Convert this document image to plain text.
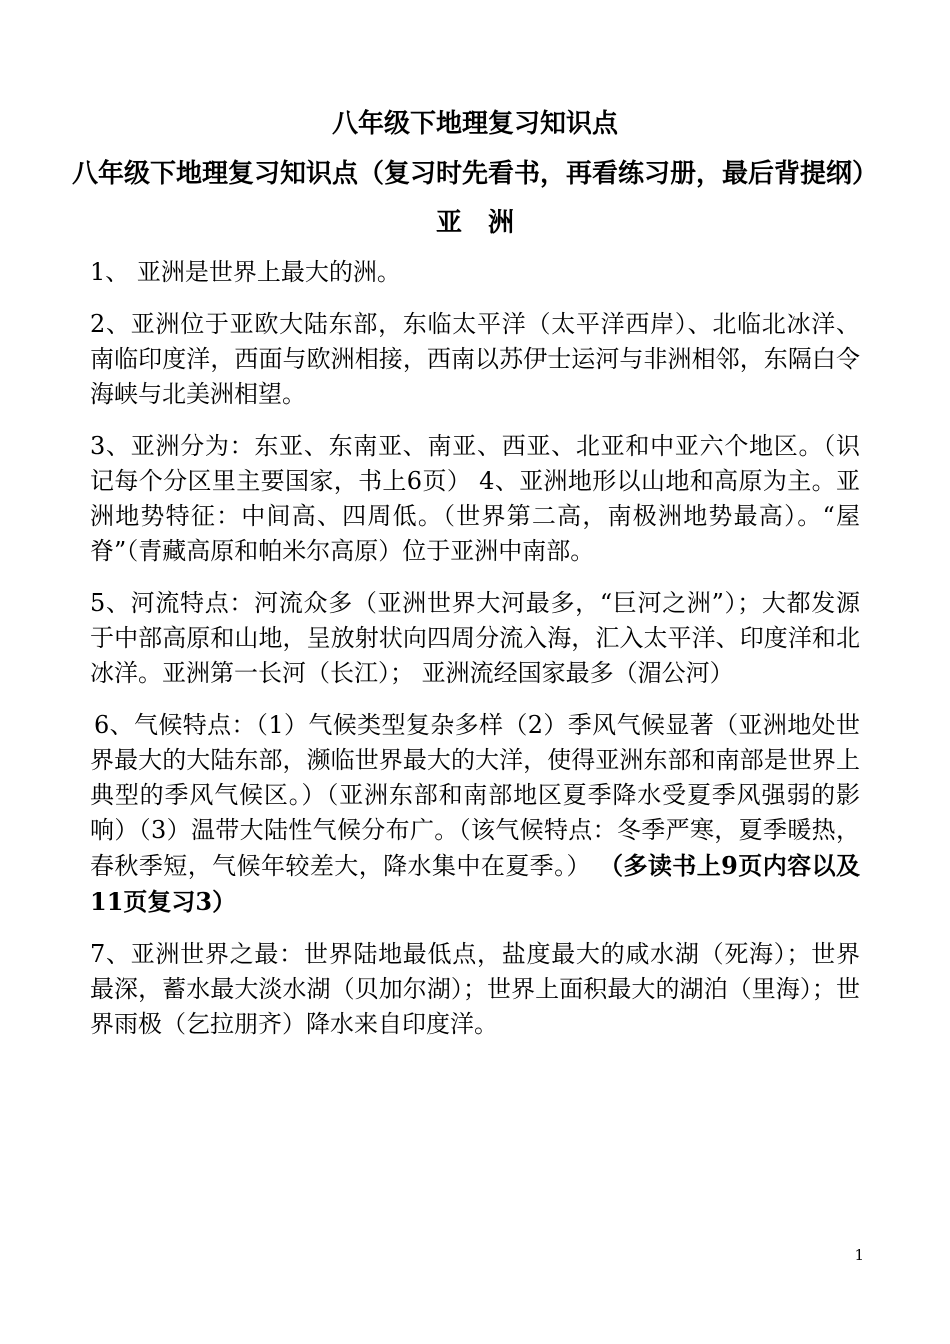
八年级下地理复习知识点
八年级下地理复习知识点（复习时先看书，再看练习册，最后背提纲）
亚洲

1、 亚洲是世界上最大的洲。

2、亚洲位于亚欧大陆东部，东临太平洋（太平洋西岸）、北临北冰洋、南临印度洋，西面与欧洲相接，西南以苏伊士运河与非洲相邻，东隔白令海峡与北美洲相望。

3、亚洲分为：东亚、东南亚、南亚、西亚、北亚和中亚六个地区。（识记每个分区里主要国家，书上6页） 4、亚洲地形以山地和高原为主。亚洲地势特征：中间高、四周低。（世界第二高，南极洲地势最高）。“屋脊”（青藏高原和帕米尔高原）位于亚洲中南部。

5、河流特点：河流众多（亚洲世界大河最多，“巨河之洲”）；大都发源于中部高原和山地，呈放射状向四周分流入海，汇入太平洋、印度洋和北冰洋。亚洲第一长河（长江）； 亚洲流经国家最多（湄公河）

6、气候特点：（1）气候类型复杂多样（2）季风气候显著（亚洲地处世界最大的大陆东部，濒临世界最大的大洋，使得亚洲东部和南部是世界上典型的季风气候区。）（亚洲东部和南部地区夏季降水受夏季风强弱的影响）（3）温带大陆性气候分布广。（该气候特点：冬季严寒，夏季暖热，春秋季短，气候年较差大，降水集中在夏季。） （多读书上9页内容以及11页复习3）

7、亚洲世界之最：世界陆地最低点，盐度最大的咸水湖（死海）；世界最深，蓄水最大淡水湖（贝加尔湖）；世界上面积最大的湖泊（里海）；世界雨极（乞拉朋齐）降水来自印度洋。

1
